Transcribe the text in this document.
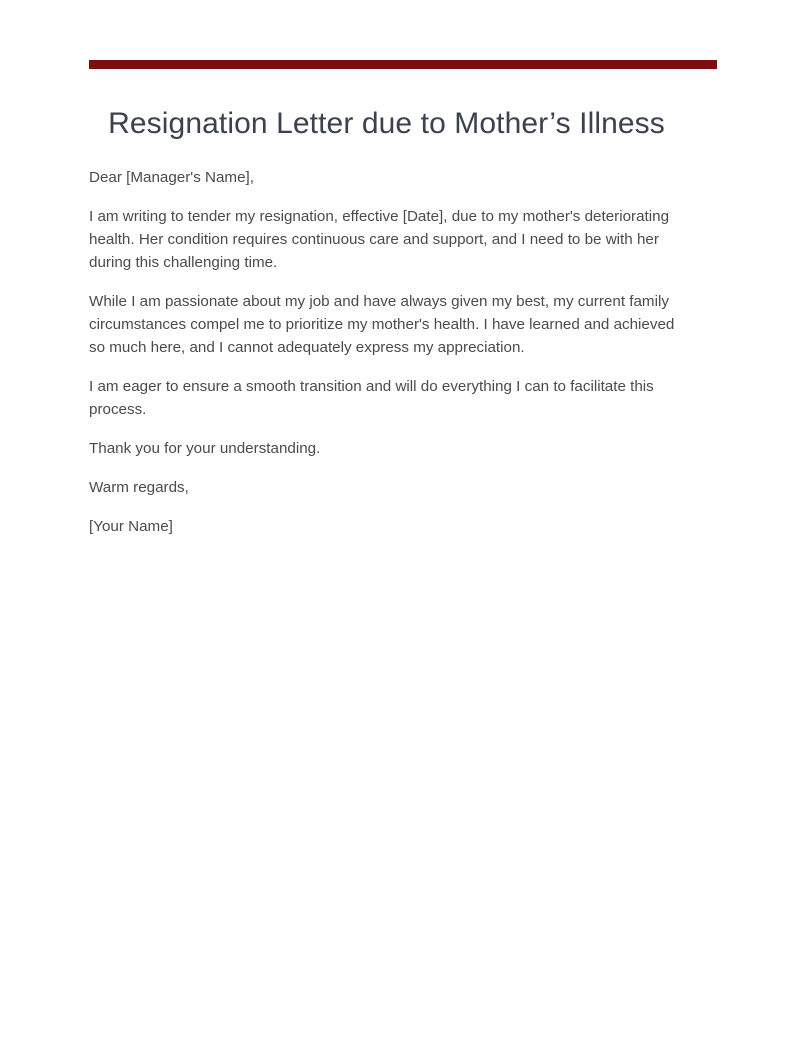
Resignation Letter due to Mother’s Illness

Dear [Manager's Name],

I am writing to tender my resignation, effective [Date], due to my mother's deteriorating health. Her condition requires continuous care and support, and I need to be with her during this challenging time.

While I am passionate about my job and have always given my best, my current family circumstances compel me to prioritize my mother's health. I have learned and achieved so much here, and I cannot adequately express my appreciation.

I am eager to ensure a smooth transition and will do everything I can to facilitate this process.

Thank you for your understanding.

Warm regards,

[Your Name]
